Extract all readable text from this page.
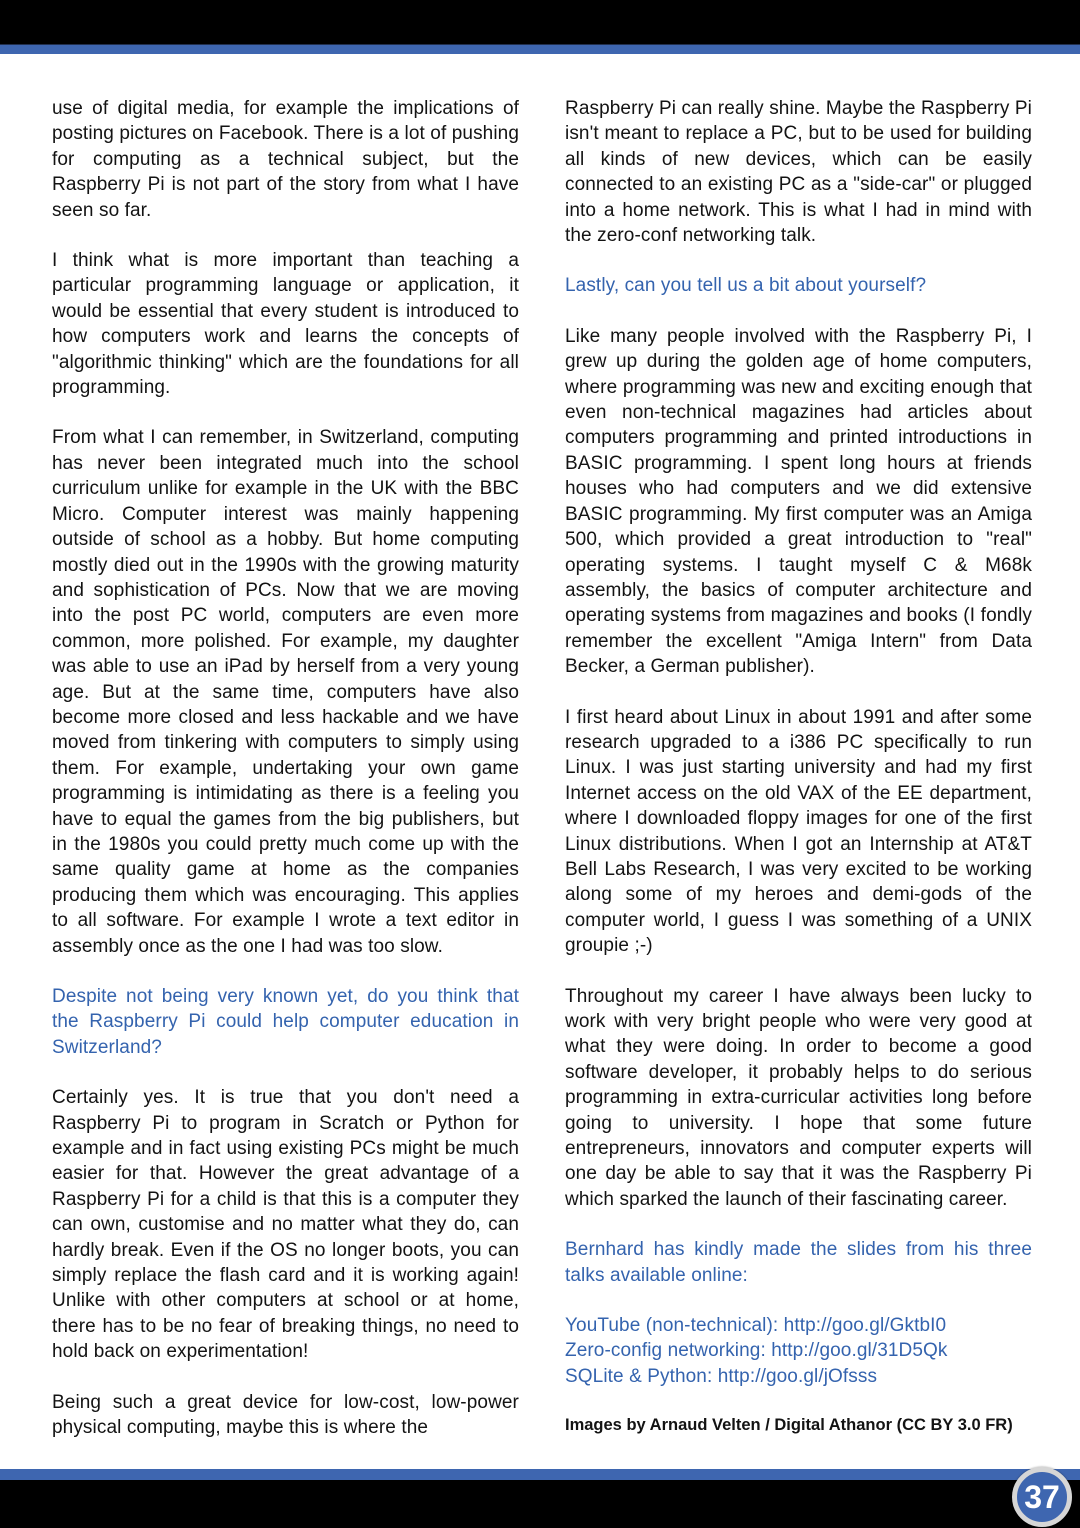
use of digital media, for example the implications of posting pictures on Facebook. There is a lot of pushing for computing as a technical subject, but the Raspberry Pi is not part of the story from what I have seen so far.

I think what is more important than teaching a particular programming language or application, it would be essential that every student is introduced to how computers work and learns the concepts of "algorithmic thinking" which are the foundations for all programming.

From what I can remember, in Switzerland, computing has never been integrated much into the school curriculum unlike for example in the UK with the BBC Micro. Computer interest was mainly happening outside of school as a hobby. But home computing mostly died out in the 1990s with the growing maturity and sophistication of PCs. Now that we are moving into the post PC world, computers are even more common, more polished. For example, my daughter was able to use an iPad by herself from a very young age. But at the same time, computers have also become more closed and less hackable and we have moved from tinkering with computers to simply using them. For example, undertaking your own game programming is intimidating as there is a feeling you have to equal the games from the big publishers, but in the 1980s you could pretty much come up with the same quality game at home as the companies producing them which was encouraging. This applies to all software. For example I wrote a text editor in assembly once as the one I had was too slow.

Despite not being very known yet, do you think that the Raspberry Pi could help computer education in Switzerland?

Certainly yes. It is true that you don't need a Raspberry Pi to program in Scratch or Python for example and in fact using existing PCs might be much easier for that. However the great advantage of a Raspberry Pi for a child is that this is a computer they can own, customise and no matter what they do, can hardly break. Even if the OS no longer boots, you can simply replace the flash card and it is working again! Unlike with other computers at school or at home, there has to be no fear of breaking things, no need to hold back on experimentation!

Being such a great device for low-cost, low-power physical computing, maybe this is where the

Raspberry Pi can really shine. Maybe the Raspberry Pi isn't meant to replace a PC, but to be used for building all kinds of new devices, which can be easily connected to an existing PC as a "side-car" or plugged into a home network. This is what I had in mind with the zero-conf networking talk.

Lastly, can you tell us a bit about yourself?

Like many people involved with the Raspberry Pi, I grew up during the golden age of home computers, where programming was new and exciting enough that even non-technical magazines had articles about computers programming and printed introductions in BASIC programming. I spent long hours at friends houses who had computers and we did extensive BASIC programming. My first computer was an Amiga 500, which provided a great introduction to "real" operating systems. I taught myself C & M68k assembly, the basics of computer architecture and operating systems from magazines and books (I fondly remember the excellent "Amiga Intern" from Data Becker, a German publisher).

I first heard about Linux in about 1991 and after some research upgraded to a i386 PC specifically to run Linux. I was just starting university and had my first Internet access on the old VAX of the EE department, where I downloaded floppy images for one of the first Linux distributions. When I got an Internship at AT&T Bell Labs Research, I was very excited to be working along some of my heroes and demi-gods of the computer world, I guess I was something of a UNIX groupie ;-)

Throughout my career I have always been lucky to work with very bright people who were very good at what they were doing. In order to become a good software developer, it probably helps to do serious programming in extra-curricular activities long before going to university. I hope that some future entrepreneurs, innovators and computer experts will one day be able to say that it was the Raspberry Pi which sparked the launch of their fascinating career.

Bernhard has kindly made the slides from his three talks available online:

YouTube (non-technical): http://goo.gl/GktbI0
Zero-config networking: http://goo.gl/31D5Qk
SQLite & Python: http://goo.gl/jOfsss
Images by Arnaud Velten / Digital Athanor (CC BY 3.0 FR)
37
